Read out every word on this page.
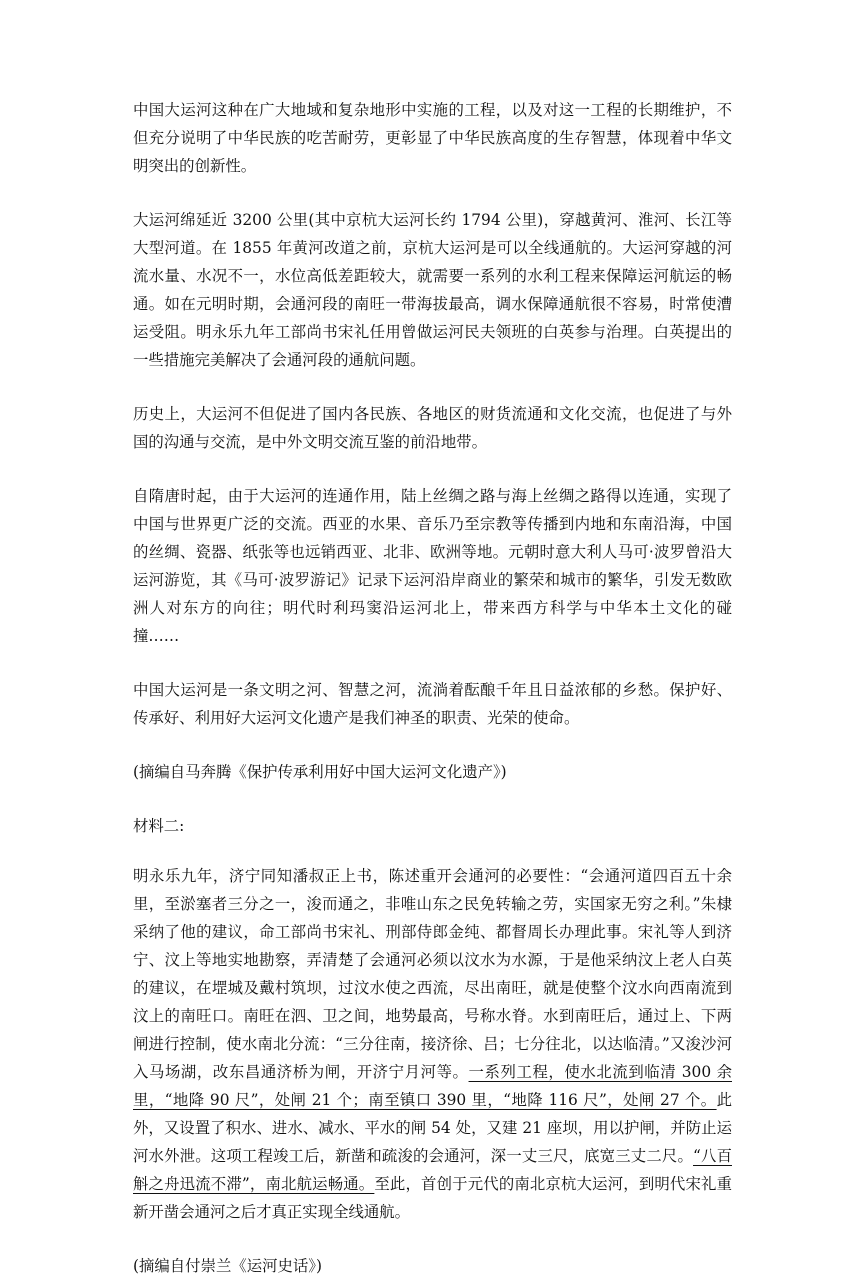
中国大运河这种在广大地域和复杂地形中实施的工程，以及对这一工程的长期维护，不但充分说明了中华民族的吃苦耐劳，更彰显了中华民族高度的生存智慧，体现着中华文明突出的创新性。

大运河绵延近 3200 公里(其中京杭大运河长约 1794 公里)，穿越黄河、淮河、长江等大型河道。在 1855 年黄河改道之前，京杭大运河是可以全线通航的。大运河穿越的河流水量、水况不一，水位高低差距较大，就需要一系列的水利工程来保障运河航运的畅通。如在元明时期，会通河段的南旺一带海拔最高，调水保障通航很不容易，时常使漕运受阻。明永乐九年工部尚书宋礼任用曾做运河民夫领班的白英参与治理。白英提出的一些措施完美解决了会通河段的通航问题。

历史上，大运河不但促进了国内各民族、各地区的财货流通和文化交流，也促进了与外国的沟通与交流，是中外文明交流互鉴的前沿地带。

自隋唐时起，由于大运河的连通作用，陆上丝绸之路与海上丝绸之路得以连通，实现了中国与世界更广泛的交流。西亚的水果、音乐乃至宗教等传播到内地和东南沿海，中国的丝绸、瓷器、纸张等也远销西亚、北非、欧洲等地。元朝时意大利人马可·波罗曾沿大运河游览，其《马可·波罗游记》记录下运河沿岸商业的繁荣和城市的繁华，引发无数欧洲人对东方的向往；明代时利玛窦沿运河北上，带来西方科学与中华本土文化的碰撞……

中国大运河是一条文明之河、智慧之河，流淌着酝酿千年且日益浓郁的乡愁。保护好、传承好、利用好大运河文化遗产是我们神圣的职责、光荣的使命。

(摘编自马奔腾《保护传承利用好中国大运河文化遗产》)

材料二:

明永乐九年，济宁同知潘叔正上书，陈述重开会通河的必要性：“会通河道四百五十余里，至淤塞者三分之一，浚而通之，非唯山东之民免转输之劳，实国家无穷之利。”朱棣采纳了他的建议，命工部尚书宋礼、刑部侍郎金纯、都督周长办理此事。宋礼等人到济宁、汶上等地实地勘察，弄清楚了会通河必须以汶水为水源，于是他采纳汶上老人白英的建议，在堽城及戴村筑坝，过汶水使之西流，尽出南旺，就是使整个汶水向西南流到汶上的南旺口。南旺在泗、卫之间，地势最高，号称水脊。水到南旺后，通过上、下两闸进行控制，使水南北分流：“三分往南，接济徐、吕；七分往北，以达临清。”又浚沙河入马场湖，改东昌通济桥为闸，开济宁月河等。一系列工程，使水北流到临清 300 余里，“地降 90 尺”，处闸 21 个；南至镇口 390 里，“地降 116 尺”，处闸 27 个。此外，又设置了积水、进水、减水、平水的闸 54 处，又建 21 座坝，用以护闸，并防止运河水外泄。这项工程竣工后，新凿和疏浚的会通河，深一丈三尺，底宽三丈二尺。“八百斛之舟迅流不滞”，南北航运畅通。至此，首创于元代的南北京杭大运河，到明代宋礼重新开凿会通河之后才真正实现全线通航。

(摘编自付崇兰《运河史话》)
